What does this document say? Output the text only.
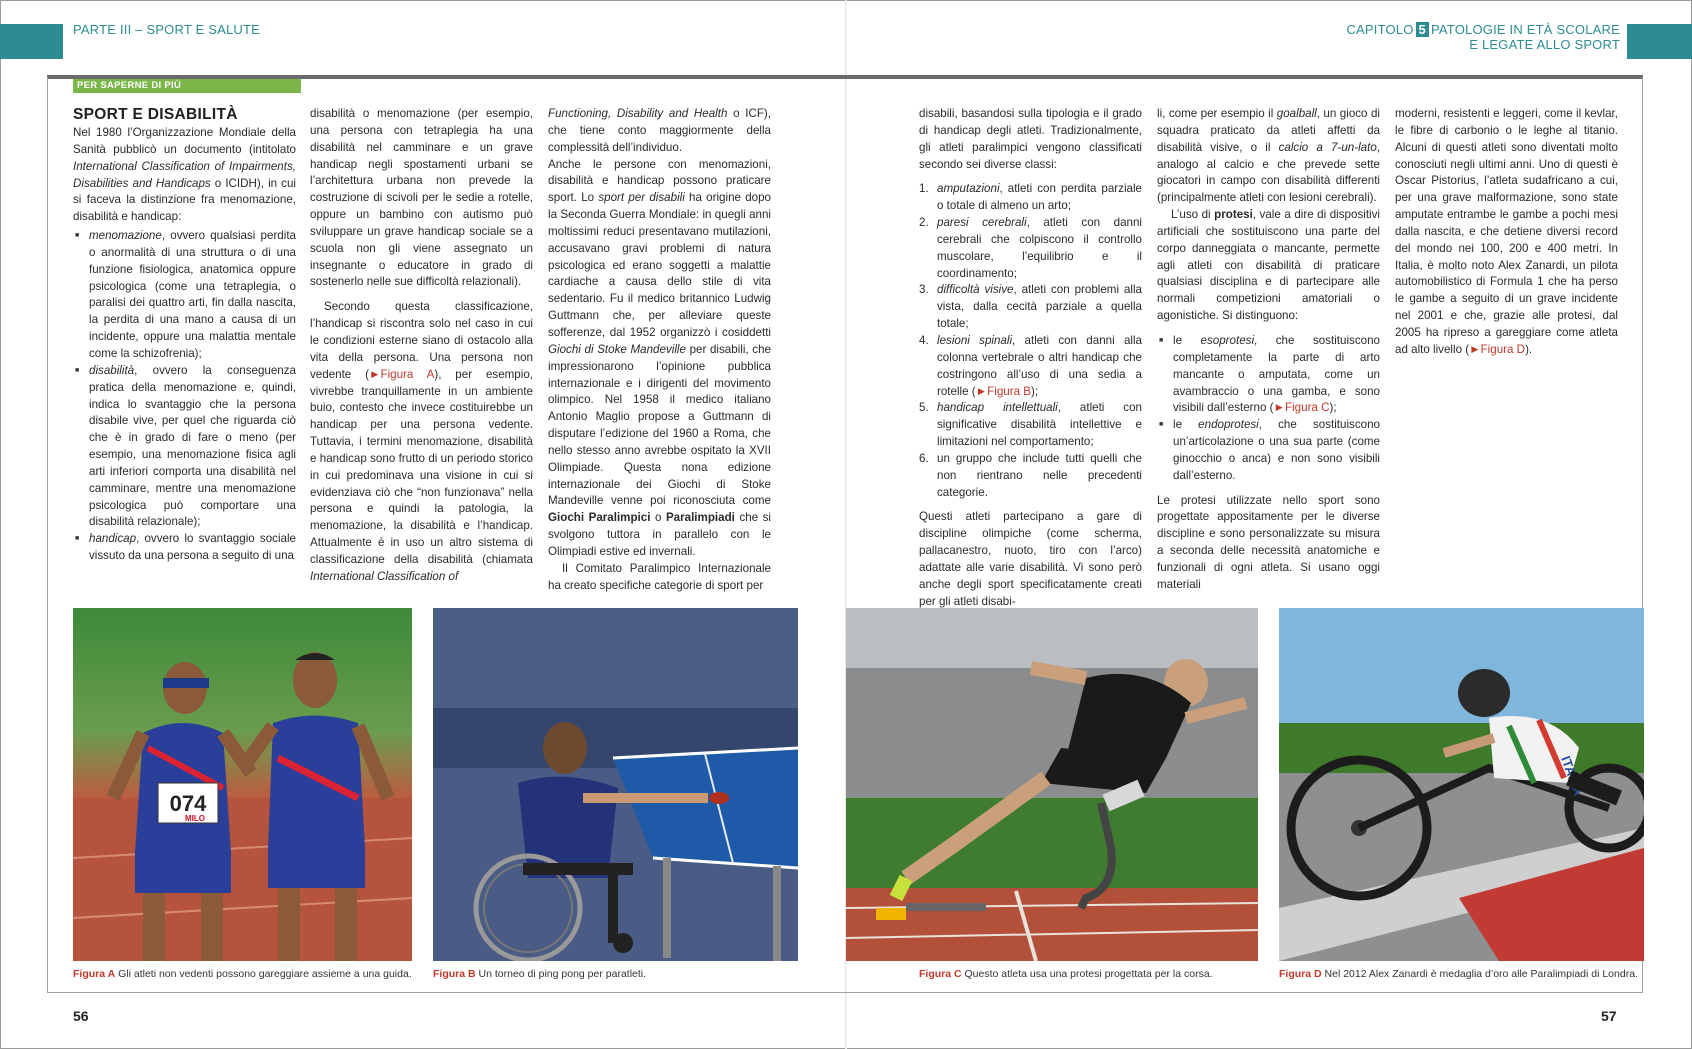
PARTE III – SPORT E SALUTE	CAPITOLO 5 PATOLOGIE IN ETÀ SCOLARE
E LEGATE ALLO SPORT
PER SAPERNE DI PIÙ
SPORT E DISABILITÀ

Nel 1980 l’Organizzazione Mondiale della Sanità pubblicò un documento (intitolato International Classification of Impairments, Disabilities and Handicaps o ICIDH), in cui si faceva la distinzione fra menomazione, disabilità e handicap:

■ menomazione, ovvero qualsiasi perdita o anormalità di una struttura o di una funzione fisiologica, anatomica oppure psicologica (come una tetraplegia, o paralisi dei quattro arti, fin dalla nascita, la perdita di una mano a causa di un incidente, oppure una malattia mentale come la schizofrenia);
■ disabilità, ovvero la conseguenza pratica della menomazione e, quindi, indica lo svantaggio che la persona disabile vive, per quel che riguarda ciò che è in grado di fare o meno (per esempio, una menomazione fisica agli arti inferiori comporta una disabilità nel camminare, mentre una menomazione psicologica può comportare una disabilità relazionale);
■ handicap, ovvero lo svantaggio sociale vissuto da una persona a seguito di una

disabilità o menomazione (per esempio, una persona con tetraplegia ha una disabilità nel camminare e un grave handicap negli spostamenti urbani se l’architettura urbana non prevede la costruzione di scivoli per le sedie a rotelle, oppure un bambino con autismo può sviluppare un grave handicap sociale se a scuola non gli viene assegnato un insegnante o educatore in grado di sostenerlo nelle sue difficoltà relazionali).

Secondo questa classificazione, l’handicap si riscontra solo nel caso in cui le condizioni esterne siano di ostacolo alla vita della persona. Una persona non vedente (►Figura A), per esempio, vivrebbe tranquillamente in un ambiente buio, contesto che invece costituirebbe un handicap per una persona vedente. Tuttavia, i termini menomazione, disabilità e handicap sono frutto di un periodo storico in cui predominava una visione in cui si evidenziava ciò che “non funzionava” nella persona e quindi la patologia, la menomazione, la disabilità e l’handicap. Attualmente è in uso un altro sistema di classificazione della disabilità (chiamata International Classification of

Functioning, Disability and Health o ICF), che tiene conto maggiormente della complessità dell’individuo.

Anche le persone con menomazioni, disabilità e handicap possono praticare sport. Lo sport per disabili ha origine dopo la Seconda Guerra Mondiale: in quegli anni moltissimi reduci presentavano mutilazioni, accusavano gravi problemi di natura psicologica ed erano soggetti a malattie cardiache a causa dello stile di vita sedentario. Fu il medico britannico Ludwig Guttmann che, per alleviare queste sofferenze, dal 1952 organizzò i cosiddetti Giochi di Stoke Mandeville per disabili, che impressionarono l’opinione pubblica internazionale e i dirigenti del movimento olimpico. Nel 1958 il medico italiano Antonio Maglio propose a Guttmann di disputare l’edizione del 1960 a Roma, che nello stesso anno avrebbe ospitato la XVII Olimpiade. Questa nona edizione internazionale dei Giochi di Stoke Mandeville venne poi riconosciuta come Giochi Paralimpici o Paralimpiadi che si svolgono tuttora in parallelo con le Olimpiadi estive ed invernali.

Il Comitato Paralimpico Internazionale ha creato specifiche categorie di sport per

disabili, basandosi sulla tipologia e il grado di handicap degli atleti. Tradizionalmente, gli atleti paralimpici vengono classificati secondo sei diverse classi:

1. amputazioni, atleti con perdita parziale o totale di almeno un arto;
2. paresi cerebrali, atleti con danni cerebrali che colpiscono il controllo muscolare, l’equilibrio e il coordinamento;
3. difficoltà visive, atleti con problemi alla vista, dalla cecità parziale a quella totale;
4. lesioni spinali, atleti con danni alla colonna vertebrale o altri handicap che costringono all’uso di una sedia a rotelle (►Figura B);
5. handicap intellettuali, atleti con significative disabilità intellettive e limitazioni nel comportamento;
6. un gruppo che include tutti quelli che non rientrano nelle precedenti categorie.

Questi atleti partecipano a gare di discipline olimpiche (come scherma, pallacanestro, nuoto, tiro con l’arco) adattate alle varie disabilità. Vi sono però anche degli sport specificatamente creati per gli atleti disabi-

li, come per esempio il goalball, un gioco di squadra praticato da atleti affetti da disabilità visive, o il calcio a 7-un-lato, analogo al calcio e che prevede sette giocatori in campo con disabilità differenti (principalmente atleti con lesioni cerebrali).

L’uso di protesi, vale a dire di dispositivi artificiali che sostituiscono una parte del corpo danneggiata o mancante, permette agli atleti con disabilità di praticare qualsiasi disciplina e di partecipare alle normali competizioni amatoriali o agonistiche. Si distinguono:

■ le esoprotesi, che sostituiscono completamente la parte di arto mancante o amputata, come un avambraccio o una gamba, e sono visibili dall’esterno (►Figura C);
■ le endoprotesi, che sostituiscono un’articolazione o una sua parte (come ginocchio o anca) e non sono visibili dall’esterno.

Le protesi utilizzate nello sport sono progettate appositamente per le diverse discipline e sono personalizzate su misura a seconda delle necessità anatomiche e funzionali di ogni atleta. Si usano oggi materiali

moderni, resistenti e leggeri, come il kevlar, le fibre di carbonio o le leghe al titanio. Alcuni di questi atleti sono diventati molto conosciuti negli ultimi anni. Uno di questi è Oscar Pistorius, l’atleta sudafricano a cui, per una grave malformazione, sono state amputate entrambe le gambe a pochi mesi dalla nascita, e che detiene diversi record del mondo nei 100, 200 e 400 metri. In Italia, è molto noto Alex Zanardi, un pilota automobilistico di Formula 1 che ha perso le gambe a seguito di un grave incidente nel 2001 e che, grazie alle protesi, dal 2005 ha ripreso a gareggiare come atleta ad alto livello (►Figura D).

074
MILO
Figura A Gli atleti non vedenti possono gareggiare assieme a una guida. Figura B Un torneo di ping pong per paratleti.	Figura C Questo atleta usa una protesi progettata per la corsa.	Figura D Nel 2012 Alex Zanardi è medaglia d’oro alle Paralimpiadi di Londra.
56	57
